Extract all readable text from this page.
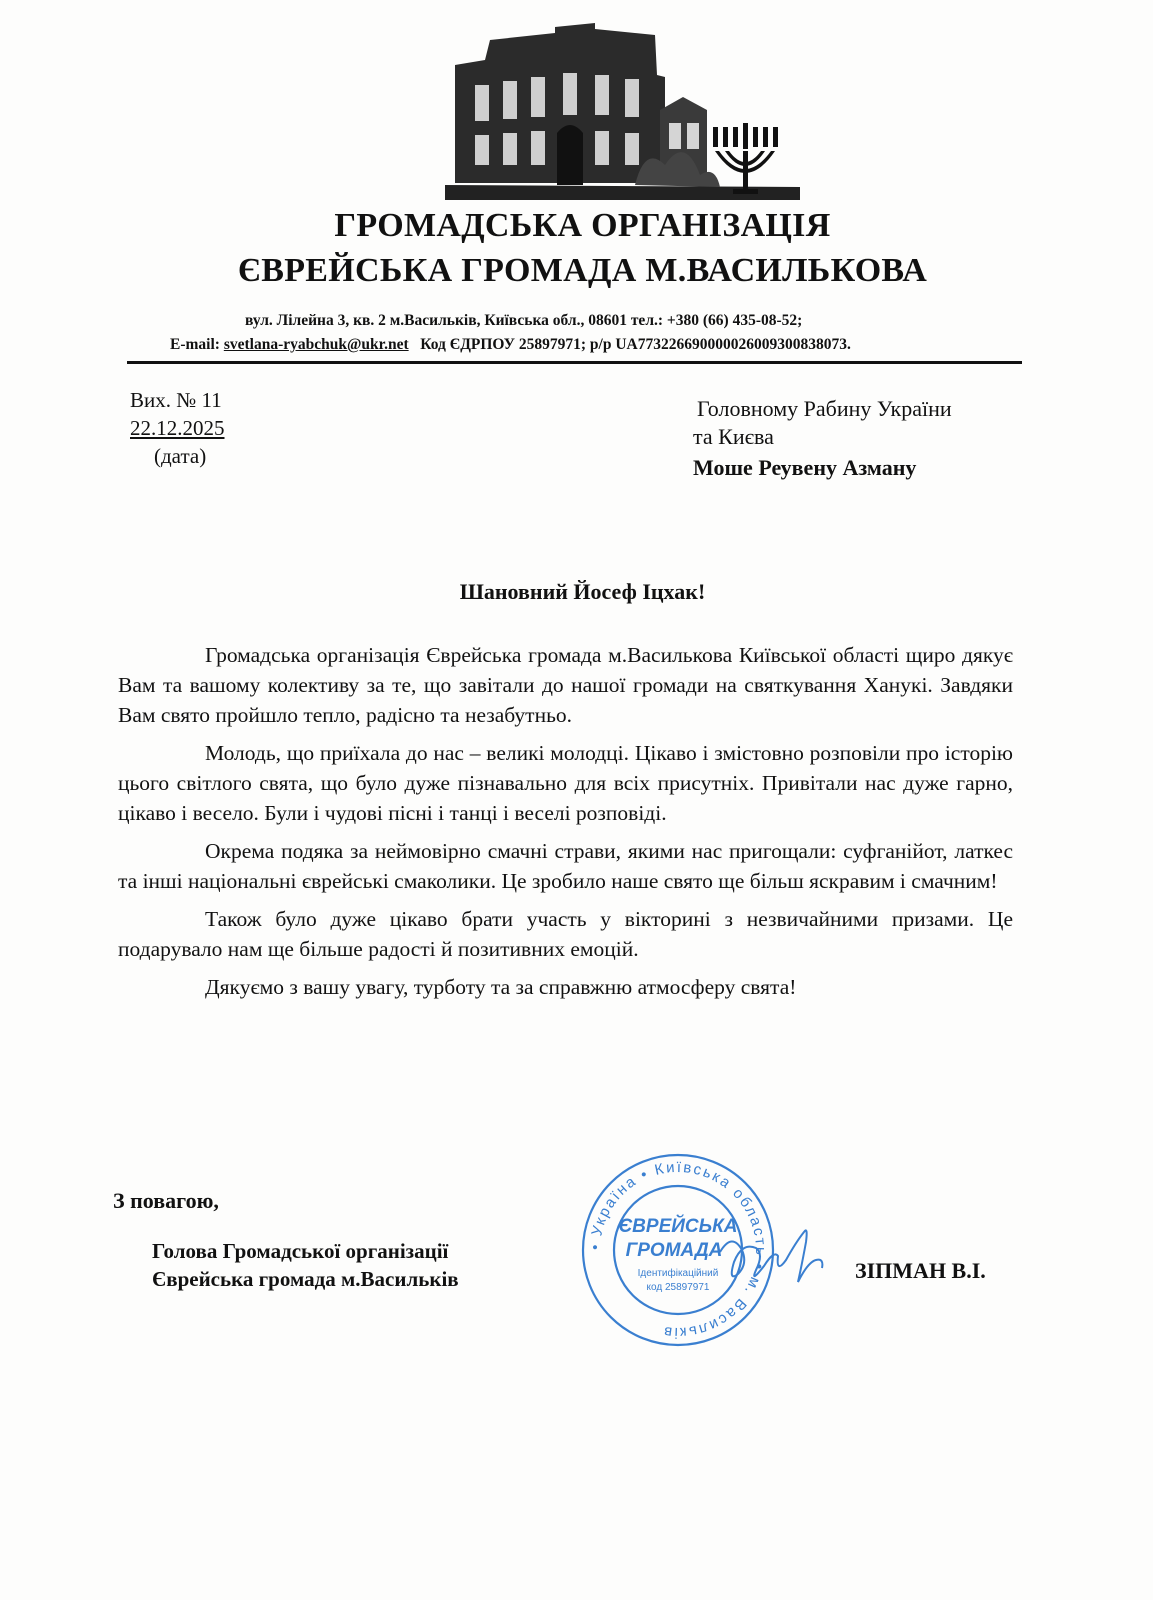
ГРОМАДСЬКА ОРГАНІЗАЦІЯ
ЄВРЕЙСЬКА ГРОМАДА М.ВАСИЛЬКОВА
вул. Лілейна 3, кв. 2 м.Васильків, Київська обл., 08601 тел.: +380 (66) 435-08-52;
E-mail: svetlana-ryabchuk@ukr.net Код ЄДРПОУ 25897971; р/р UA773226690000026009300838073.
Вих. № 11
22.12.2025
(дата)
Головному Рабину України
та Києва
Моше Реувену Азману
Шановний Йосеф Іцхак!

Громадська організація Єврейська громада м.Василькова Київської області щиро дякує Вам та вашому колективу за те, що завітали до нашої громади на святкування Ханукi. Завдяки Вам свято пройшло тепло, радісно та незабутньо.

Молодь, що приїхала до нас – великі молодці. Цікаво і змістовно розповіли про історію цього світлого свята, що було дуже пізнавально для всіх присутніх. Привітали нас дуже гарно, цікаво і весело. Були і чудові пісні і танці і веселі розповіді.

Окрема подяка за неймовірно смачні страви, якими нас пригощали: суфганійот, латкес та інші національні єврейські смаколики. Це зробило наше свято ще більш яскравим і смачним!

Також було дуже цікаво брати участь у вікторині з незвичайними призами. Це подарувало нам ще більше радості й позитивних емоцій.

Дякуємо з вашу увагу, турботу та за справжню атмосферу свята!

З повагою,
Голова Громадської організації
Єврейська громада м.Васильків	ЗІПМАН В.І.
• Україна • Київська область • м. Васильків
ЄВРЕЙСЬКА
ГРОМАДА
Ідентифікаційний
код 25897971
